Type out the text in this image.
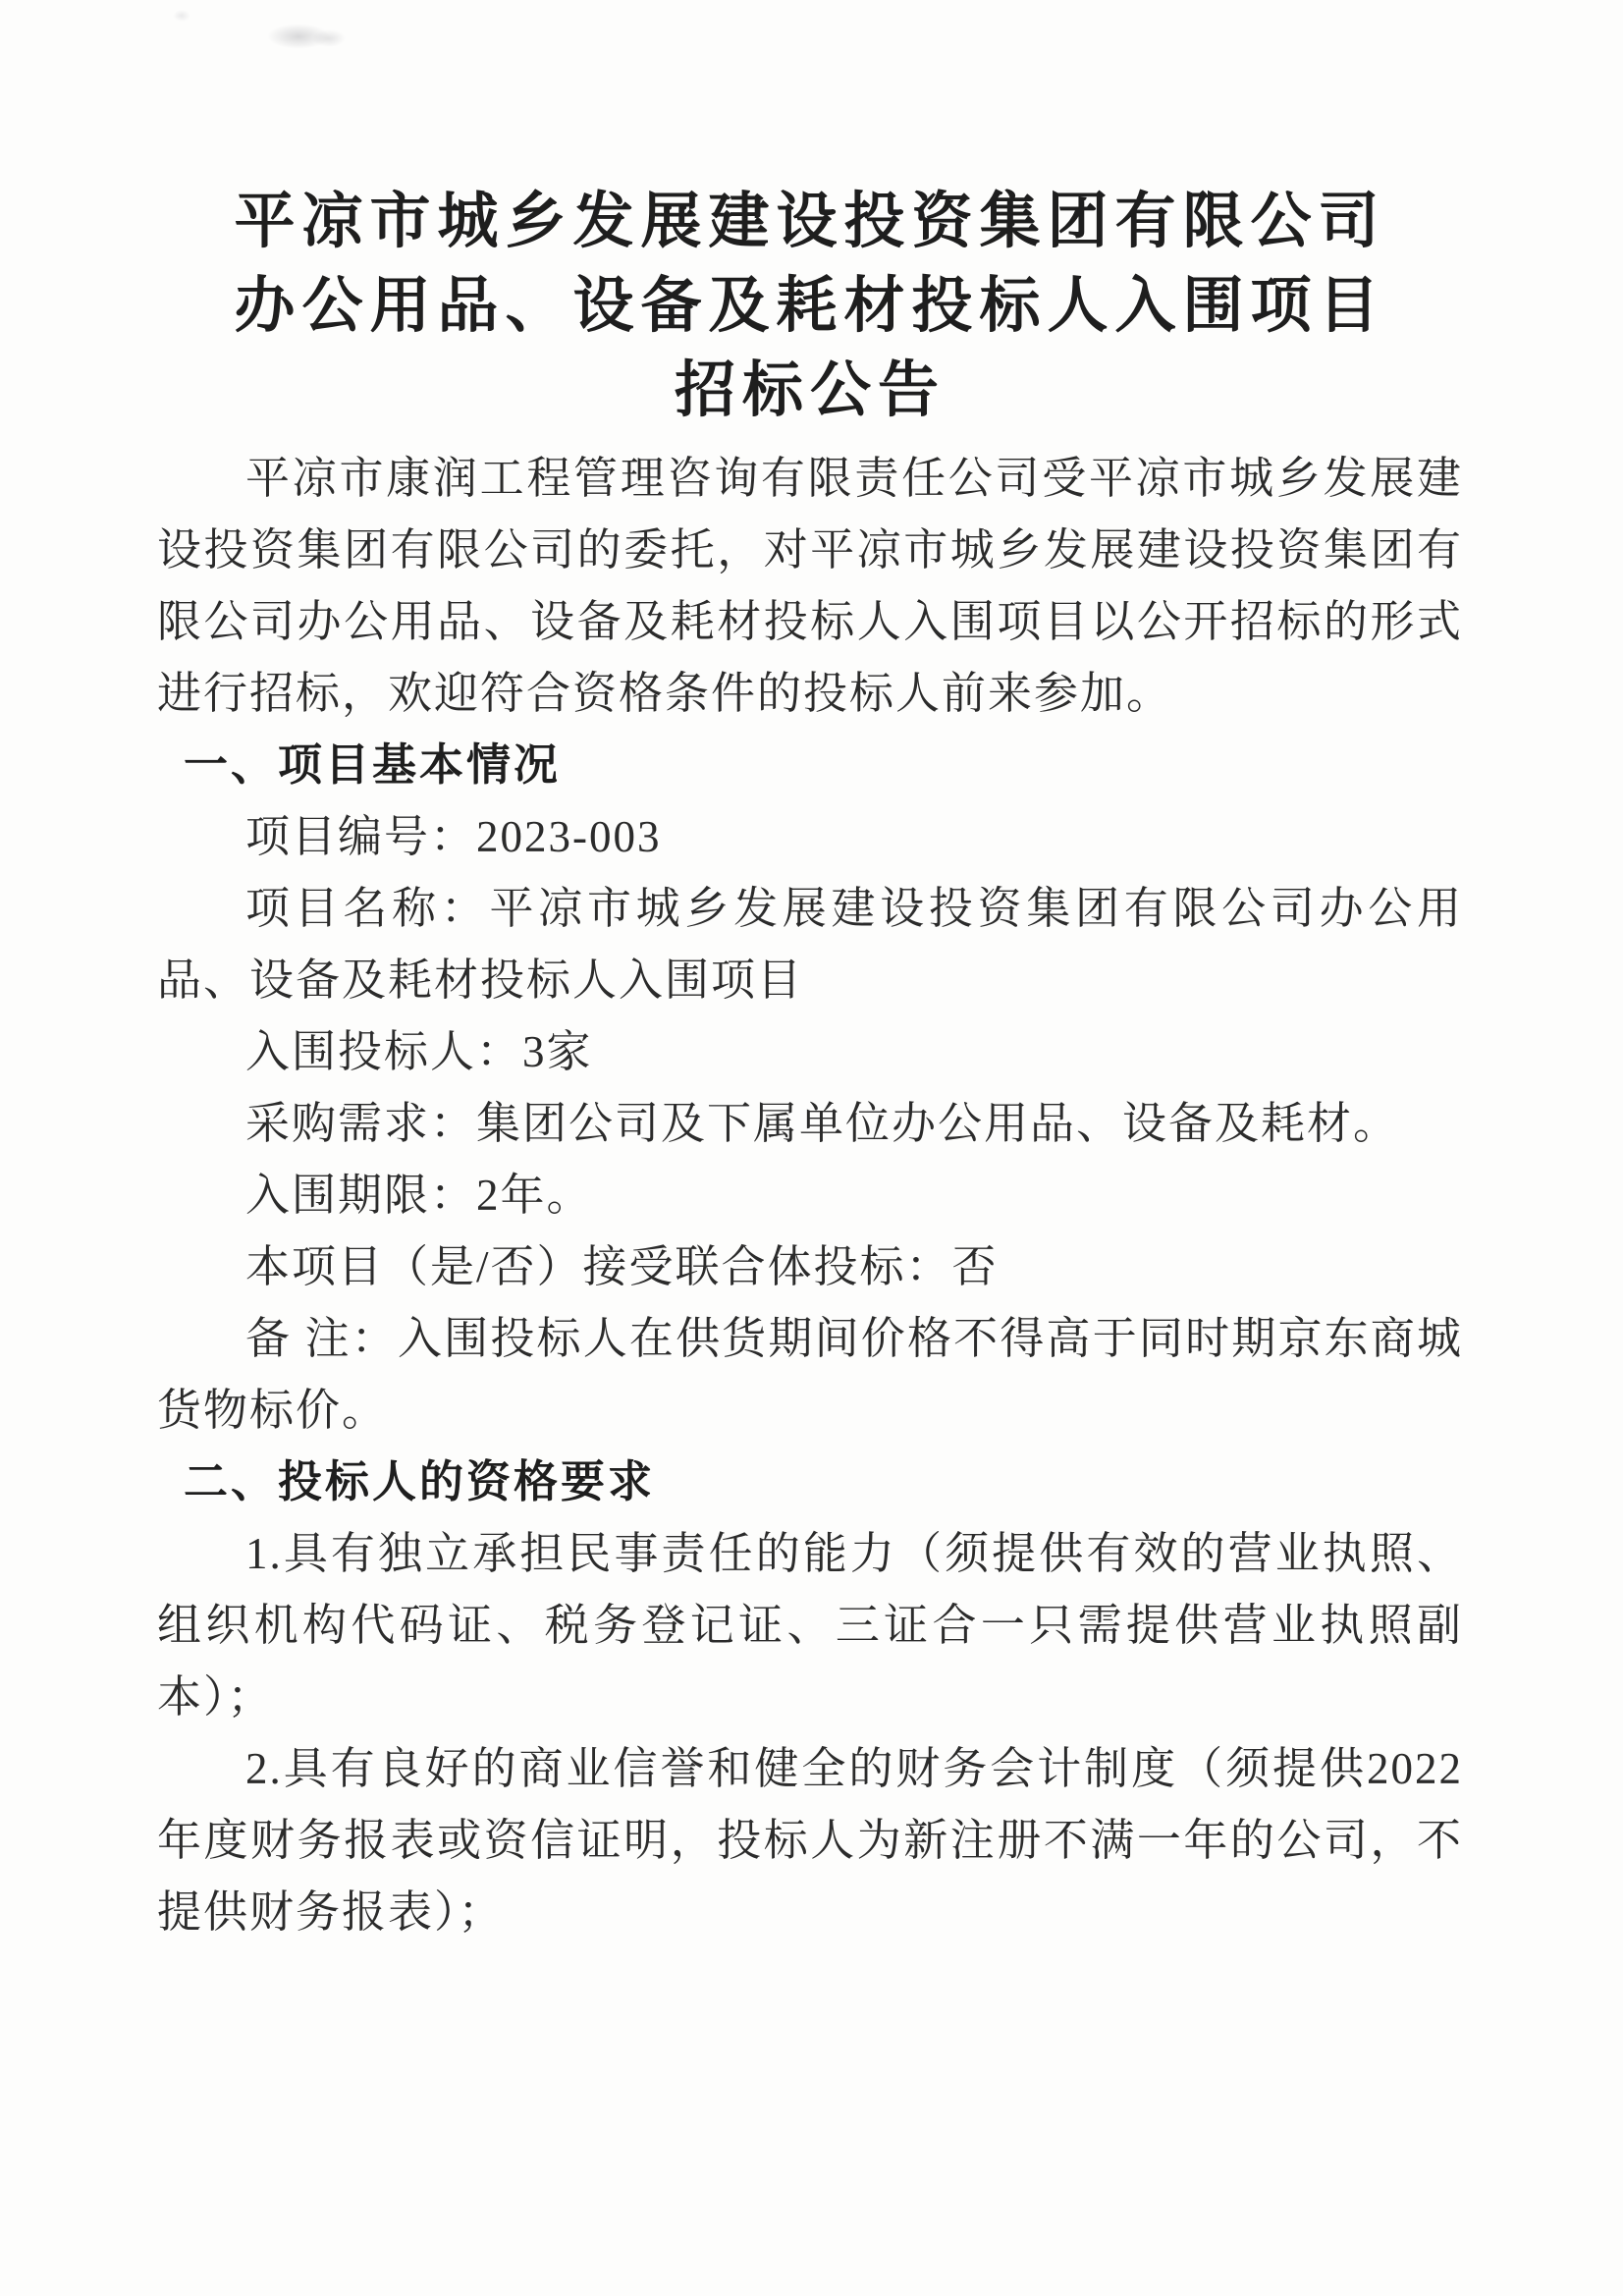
平凉市城乡发展建设投资集团有限公司
办公用品、设备及耗材投标人入围项目
招标公告

平凉市康润工程管理咨询有限责任公司受平凉市城乡发展建设投资集团有限公司的委托，对平凉市城乡发展建设投资集团有限公司办公用品、设备及耗材投标人入围项目以公开招标的形式进行招标，欢迎符合资格条件的投标人前来参加。

一、项目基本情况

项目编号：2023-003

项目名称：平凉市城乡发展建设投资集团有限公司办公用品、设备及耗材投标人入围项目

入围投标人：3家

采购需求：集团公司及下属单位办公用品、设备及耗材。

入围期限：2年。

本项目（是/否）接受联合体投标：否

备 注：入围投标人在供货期间价格不得高于同时期京东商城货物标价。

二、投标人的资格要求

1.具有独立承担民事责任的能力（须提供有效的营业执照、组织机构代码证、税务登记证、三证合一只需提供营业执照副本）；

2.具有良好的商业信誉和健全的财务会计制度（须提供2022年度财务报表或资信证明，投标人为新注册不满一年的公司，不提供财务报表）；
